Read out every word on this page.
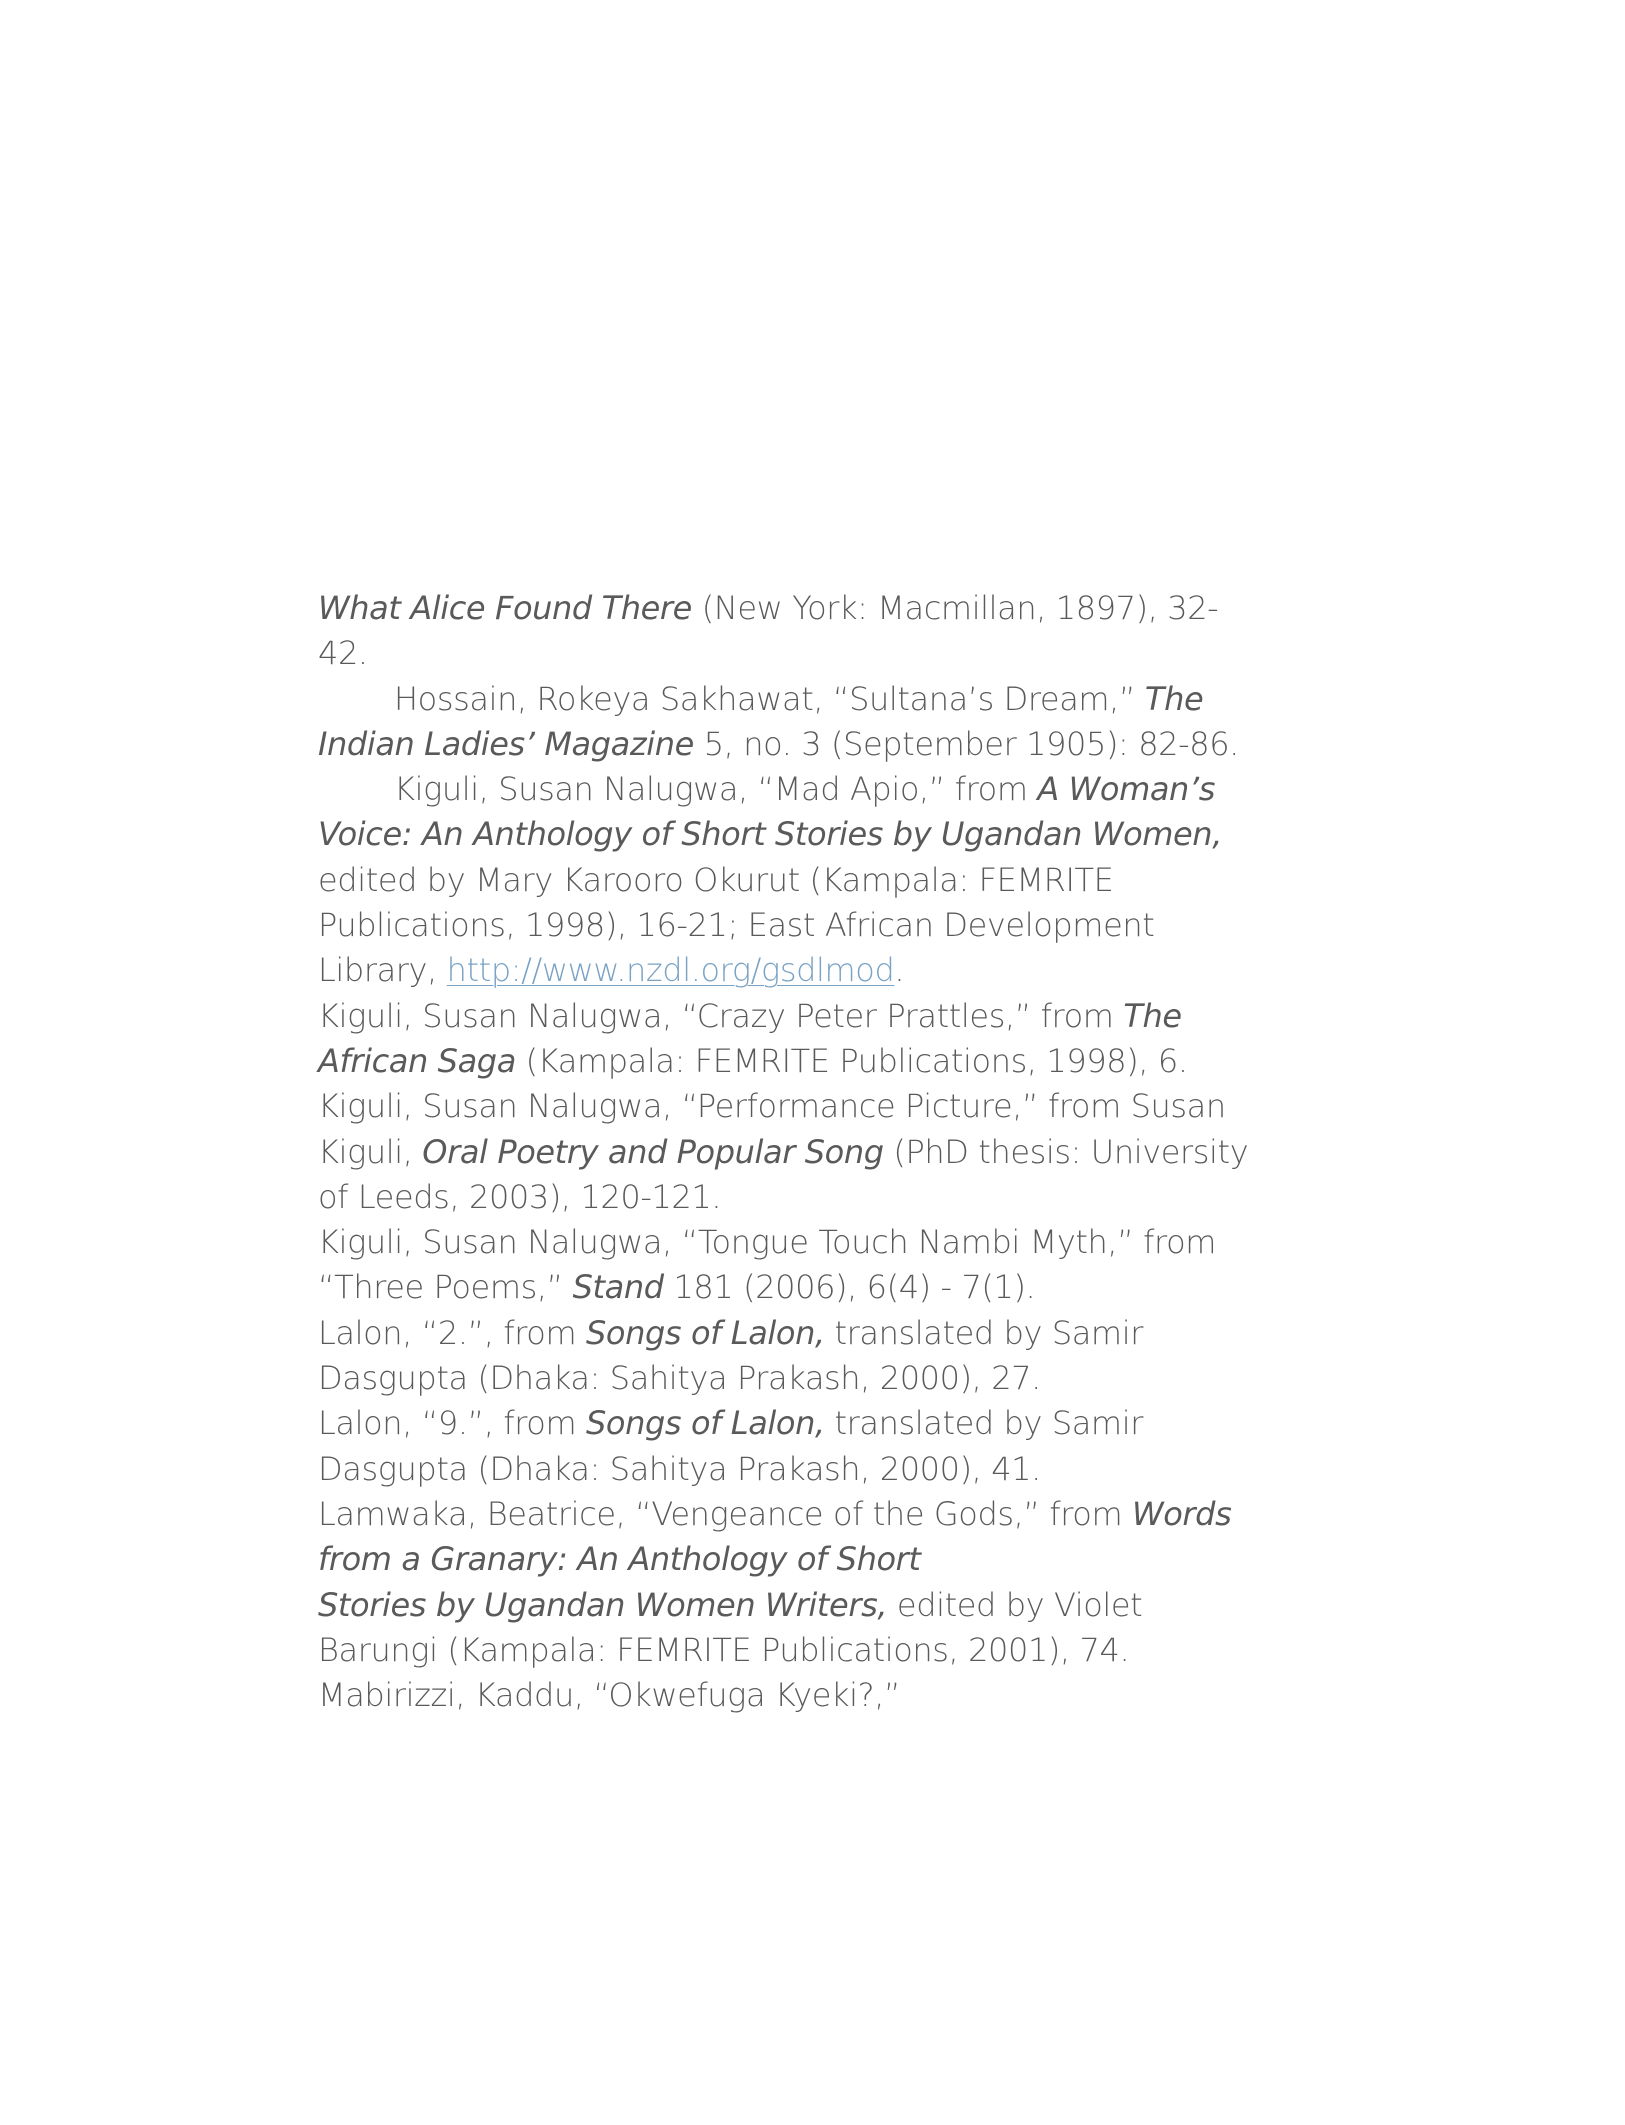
What Alice Found There (New York: Macmillan, 1897), 32-
42.
Hossain, Rokeya Sakhawat, “Sultana’s Dream,” The
Indian Ladies’ Magazine 5, no. 3 (September 1905): 82-86.
Kiguli, Susan Nalugwa, “Mad Apio,” from A Woman’s
Voice: An Anthology of Short Stories by Ugandan Women,
edited by Mary Karooro Okurut (Kampala: FEMRITE
Publications, 1998), 16-21; East African Development
Library, http://www.nzdl.org/gsdlmod.
Kiguli, Susan Nalugwa, “Crazy Peter Prattles,” from The
African Saga (Kampala: FEMRITE Publications, 1998), 6.
Kiguli, Susan Nalugwa, “Performance Picture,” from Susan
Kiguli, Oral Poetry and Popular Song (PhD thesis: University
of Leeds, 2003), 120-121.
Kiguli, Susan Nalugwa, “Tongue Touch Nambi Myth,” from
“Three Poems,” Stand 181 (2006), 6(4) - 7(1).
Lalon, “2.”, from Songs of Lalon, translated by Samir
Dasgupta (Dhaka: Sahitya Prakash, 2000), 27.
Lalon, “9.”, from Songs of Lalon, translated by Samir
Dasgupta (Dhaka: Sahitya Prakash, 2000), 41.
Lamwaka, Beatrice, “Vengeance of the Gods,” from Words
from a Granary: An Anthology of Short
Stories by Ugandan Women Writers, edited by Violet
Barungi (Kampala: FEMRITE Publications, 2001), 74.
Mabirizzi, Kaddu, “Okwefuga Kyeki?,”
